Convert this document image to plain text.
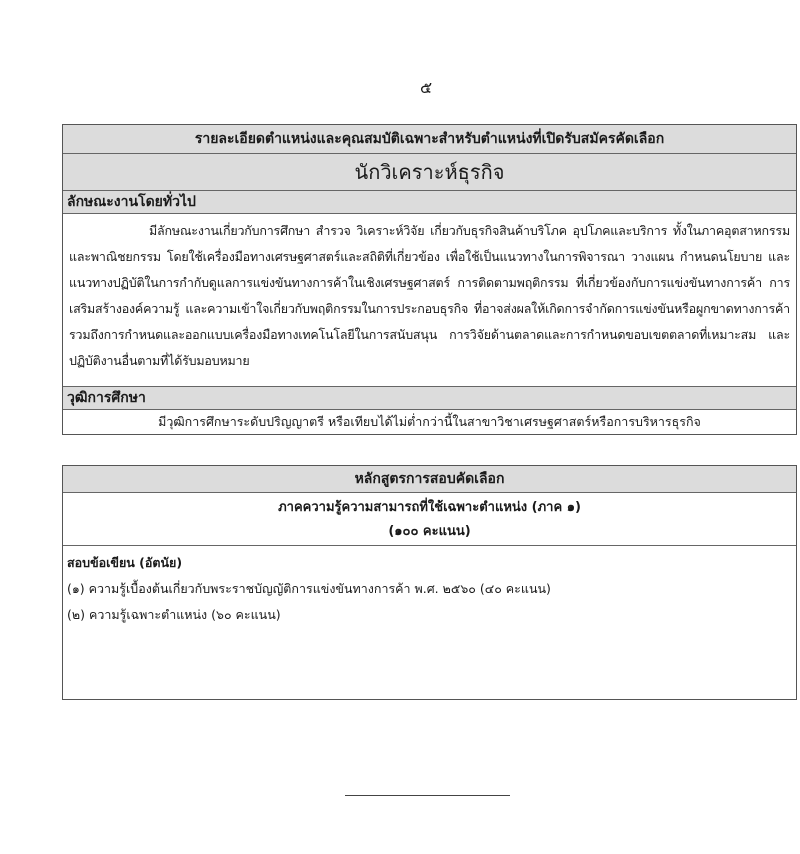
๕
รายละเอียดตำแหน่งและคุณสมบัติเฉพาะสำหรับตำแหน่งที่เปิดรับสมัครคัดเลือก
นักวิเคราะห์ธุรกิจ
ลักษณะงานโดยทั่วไป

มีลักษณะงานเกี่ยวกับการศึกษา สำรวจ วิเคราะห์วิจัย เกี่ยวกับธุรกิจสินค้าบริโภค อุปโภคและบริการ ทั้งในภาคอุตสาหกรรมและพาณิชยกรรม โดยใช้เครื่องมือทางเศรษฐศาสตร์และสถิติที่เกี่ยวข้อง เพื่อใช้เป็นแนวทางในการพิจารณา วางแผน กำหนดนโยบาย และแนวทางปฏิบัติในการกำกับดูแลการแข่งขันทางการค้าในเชิงเศรษฐศาสตร์ การติดตามพฤติกรรม ที่เกี่ยวข้องกับการแข่งขันทางการค้า การเสริมสร้างองค์ความรู้ และความเข้าใจเกี่ยวกับพฤติกรรมในการประกอบธุรกิจ ที่อาจส่งผลให้เกิดการจำกัดการแข่งขันหรือผูกขาดทางการค้า รวมถึงการกำหนดและออกแบบเครื่องมือทางเทคโนโลยีในการสนับสนุน การวิจัยด้านตลาดและการกำหนดขอบเขตตลาดที่เหมาะสม และปฏิบัติงานอื่นตามที่ได้รับมอบหมาย

วุฒิการศึกษา
มีวุฒิการศึกษาระดับปริญญาตรี หรือเทียบได้ไม่ต่ำกว่านี้ในสาขาวิชาเศรษฐศาสตร์หรือการบริหารธุรกิจ
หลักสูตรการสอบคัดเลือก
ภาคความรู้ความสามารถที่ใช้เฉพาะตำแหน่ง (ภาค ๑)
(๑๐๐ คะแนน)
สอบข้อเขียน (อัตนัย)
(๑) ความรู้เบื้องต้นเกี่ยวกับพระราชบัญญัติการแข่งขันทางการค้า พ.ศ. ๒๕๖๐ (๔๐ คะแนน)
(๒) ความรู้เฉพาะตำแหน่ง (๖๐ คะแนน)
